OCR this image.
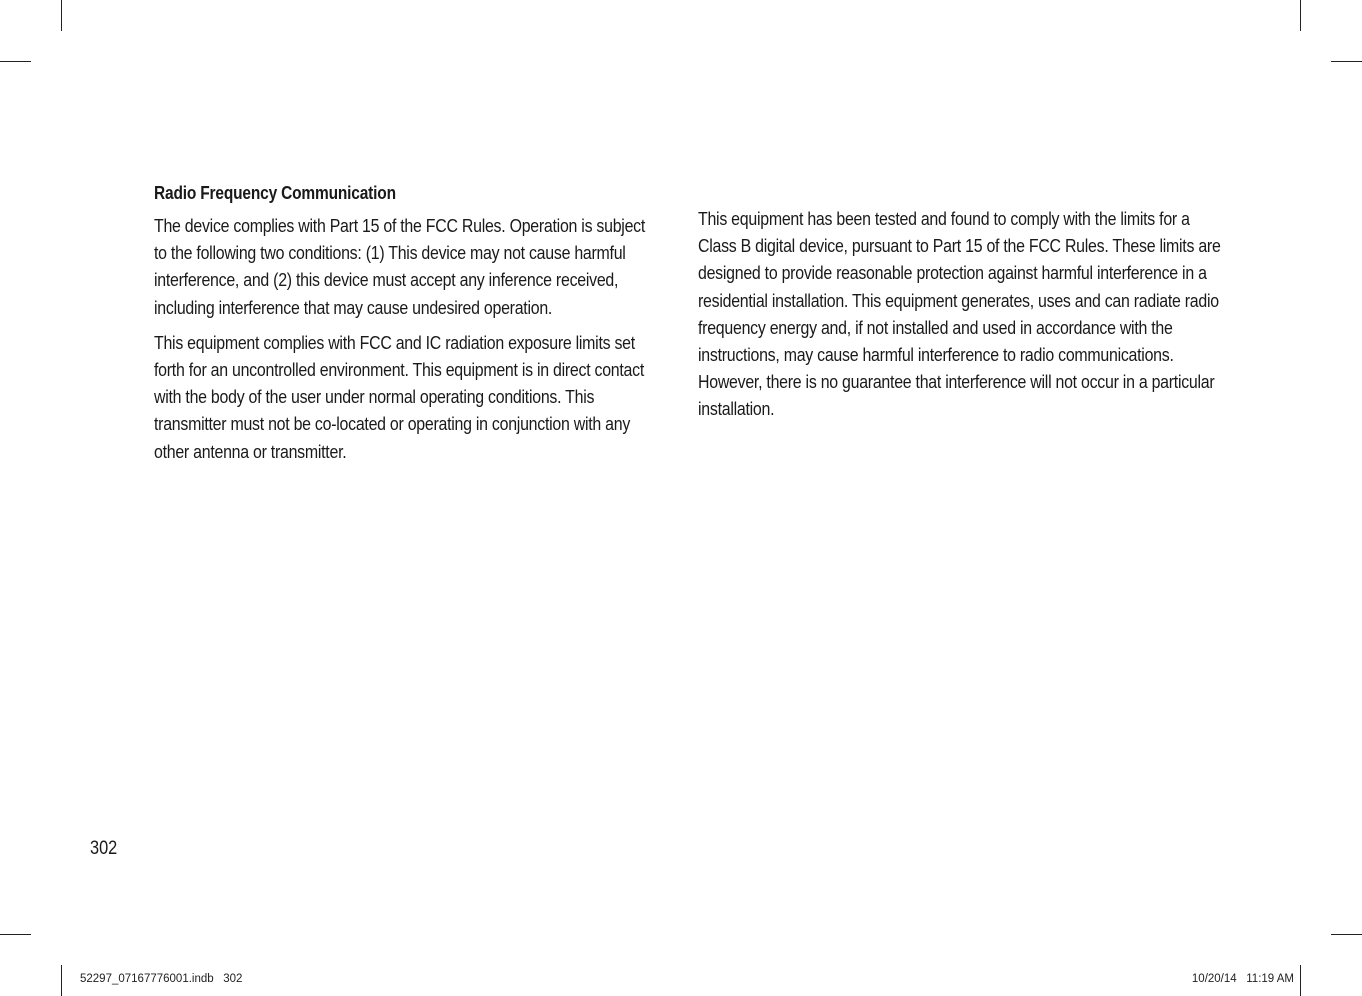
Radio Frequency Communication

The device complies with Part 15 of the FCC Rules. Operation is subject to the following two conditions: (1) This device may not cause harmful interference, and (2) this device must accept any inference received, including interference that may cause undesired operation.

This equipment complies with FCC and IC radiation exposure limits set forth for an uncontrolled environment. This equipment is in direct contact with the body of the user under normal operating conditions. This transmitter must not be co-located or operating in conjunction with any other antenna or transmitter.

This equipment has been tested and found to comply with the limits for a Class B digital device, pursuant to Part 15 of the FCC Rules. These limits are designed to provide reasonable protection against harmful interference in a residential installation. This equipment generates, uses and can radiate radio frequency energy and, if not installed and used in accordance with the instructions, may cause harmful interference to radio communications. However, there is no guarantee that interference will not occur in a particular installation.

302
52297_07167776001.indb   302	10/20/14   11:19 AM
